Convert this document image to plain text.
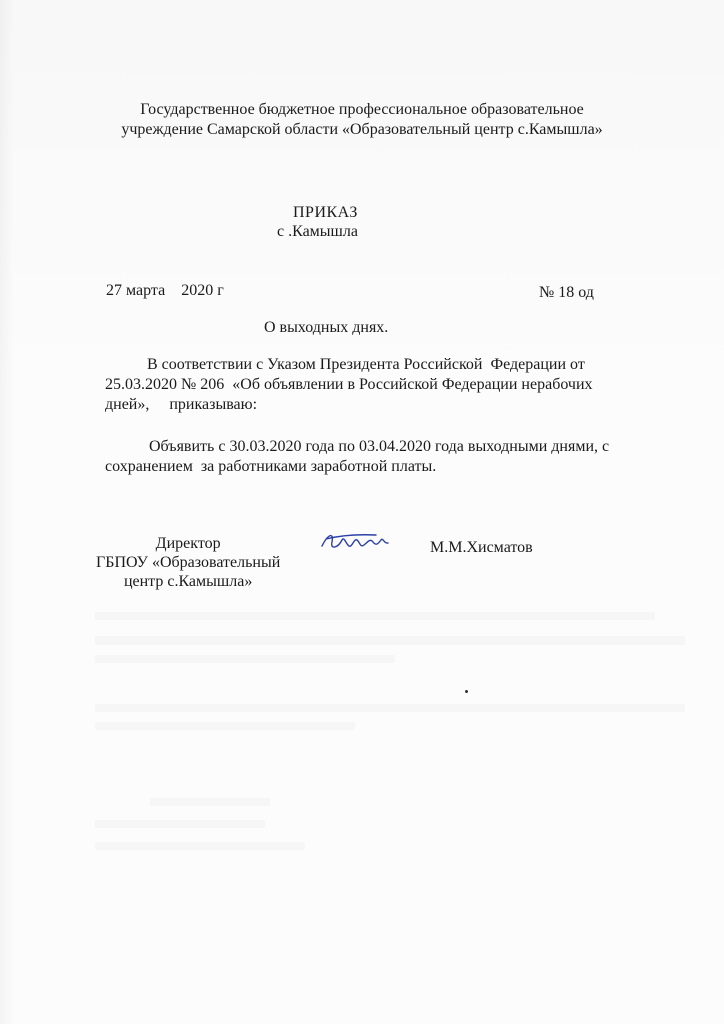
Государственное бюджетное профессиональное образовательное
учреждение Самарской области «Образовательный центр с.Камышла»
ПРИКАЗ
с .Камышла
27 марта    2020 г	№ 18 од
О выходных днях.
В соответствии с Указом Президента Российской  Федерации от
25.03.2020 № 206  «Об объявлении в Российской Федерации нерабочих
дней»,     приказываю:
Объявить с 30.03.2020 года по 03.04.2020 года выходными днями, с
сохранением  за работниками заработной платы.
Директор
ГБПОУ «Образовательный
центр с.Камышла»
М.М.Хисматов
